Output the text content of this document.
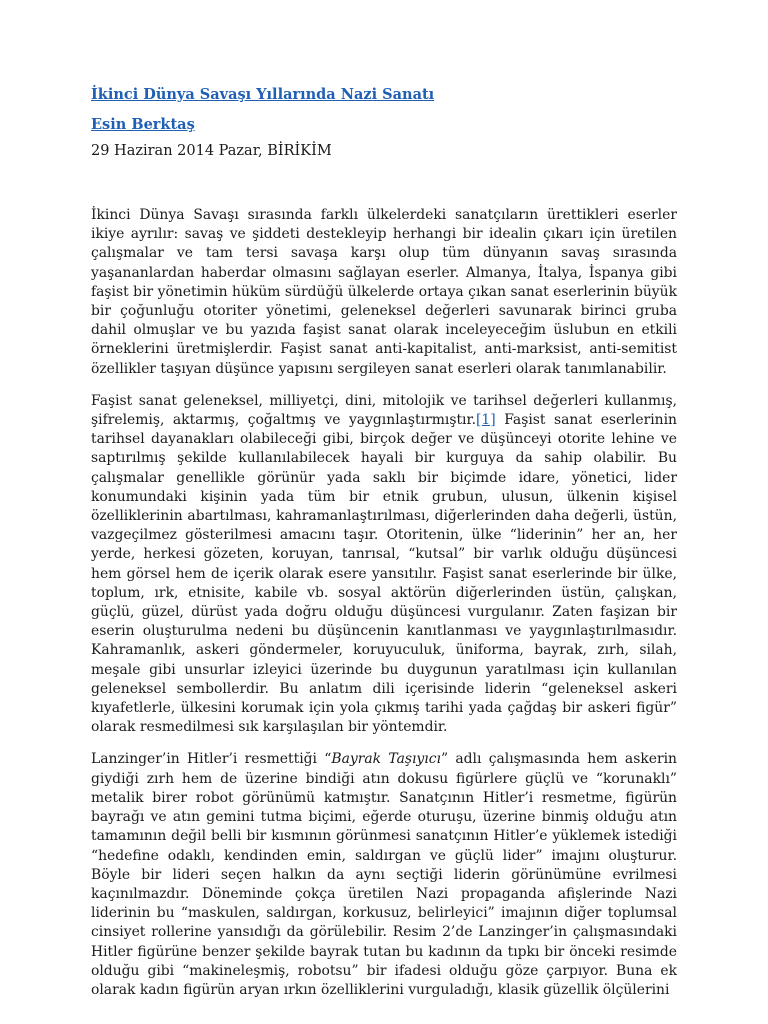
İkinci Dünya Savaşı Yıllarında Nazi Sanatı
Esin Berktaş
29 Haziran 2014 Pazar, BİRİKİM

İkinci Dünya Savaşı sırasında farklı ülkelerdeki sanatçıların ürettikleri eserler ikiye ayrılır: savaş ve şiddeti destekleyip herhangi bir idealin çıkarı için üretilen çalışmalar ve tam tersi savaşa karşı olup tüm dünyanın savaş sırasında yaşananlardan haberdar olmasını sağlayan eserler. Almanya, İtalya, İspanya gibi faşist bir yönetimin hüküm sürdüğü ülkelerde ortaya çıkan sanat eserlerinin büyük bir çoğunluğu otoriter yönetimi, geleneksel değerleri savunarak birinci gruba dahil olmuşlar ve bu yazıda faşist sanat olarak inceleyeceğim üslubun en etkili örneklerini üretmişlerdir. Faşist sanat anti-kapitalist, anti-marksist, anti-semitist özellikler taşıyan düşünce yapısını sergileyen sanat eserleri olarak tanımlanabilir.

Faşist sanat geleneksel, milliyetçi, dini, mitolojik ve tarihsel değerleri kullanmış, şifrelemiş, aktarmış, çoğaltmış ve yaygınlaştırmıştır.[1] Faşist sanat eserlerinin tarihsel dayanakları olabileceği gibi, birçok değer ve düşünceyi otorite lehine ve saptırılmış şekilde kullanılabilecek hayali bir kurguya da sahip olabilir. Bu çalışmalar genellikle görünür yada saklı bir biçimde idare, yönetici, lider konumundaki kişinin yada tüm bir etnik grubun, ulusun, ülkenin kişisel özelliklerinin abartılması, kahramanlaştırılması, diğerlerinden daha değerli, üstün, vazgeçilmez gösterilmesi amacını taşır. Otoritenin, ülke “liderinin” her an, her yerde, herkesi gözeten, koruyan, tanrısal, “kutsal” bir varlık olduğu düşüncesi hem görsel hem de içerik olarak esere yansıtılır. Faşist sanat eserlerinde bir ülke, toplum, ırk, etnisite, kabile vb. sosyal aktörün diğerlerinden üstün, çalışkan, güçlü, güzel, dürüst yada doğru olduğu düşüncesi vurgulanır. Zaten faşizan bir eserin oluşturulma nedeni bu düşüncenin kanıtlanması ve yaygınlaştırılmasıdır. Kahramanlık, askeri göndermeler, koruyuculuk, üniforma, bayrak, zırh, silah, meşale gibi unsurlar izleyici üzerinde bu duygunun yaratılması için kullanılan geleneksel sembollerdir. Bu anlatım dili içerisinde liderin “geleneksel askeri kıyafetlerle, ülkesini korumak için yola çıkmış tarihi yada çağdaş bir askeri figür” olarak resmedilmesi sık karşılaşılan bir yöntemdir.

Lanzinger’in Hitler’i resmettiği “Bayrak Taşıyıcı” adlı çalışmasında hem askerin giydiği zırh hem de üzerine bindiği atın dokusu figürlere güçlü ve “korunaklı” metalik birer robot görünümü katmıştır. Sanatçının Hitler’i resmetme, figürün bayrağı ve atın gemini tutma biçimi, eğerde oturuşu, üzerine binmiş olduğu atın tamamının değil belli bir kısmının görünmesi sanatçının Hitler’e yüklemek istediği “hedefine odaklı, kendinden emin, saldırgan ve güçlü lider” imajını oluşturur. Böyle bir lideri seçen halkın da aynı seçtiği liderin görünümüne evrilmesi kaçınılmazdır. Döneminde çokça üretilen Nazi propaganda afişlerinde Nazi liderinin bu “maskulen, saldırgan, korkusuz, belirleyici” imajının diğer toplumsal cinsiyet rollerine yansıdığı da görülebilir. Resim 2’de Lanzinger’in çalışmasındaki Hitler figürüne benzer şekilde bayrak tutan bu kadının da tıpkı bir önceki resimde olduğu gibi “makineleşmiş, robotsu” bir ifadesi olduğu göze çarpıyor. Buna ek olarak kadın figürün aryan ırkın özelliklerini vurguladığı, klasik güzellik ölçülerini
